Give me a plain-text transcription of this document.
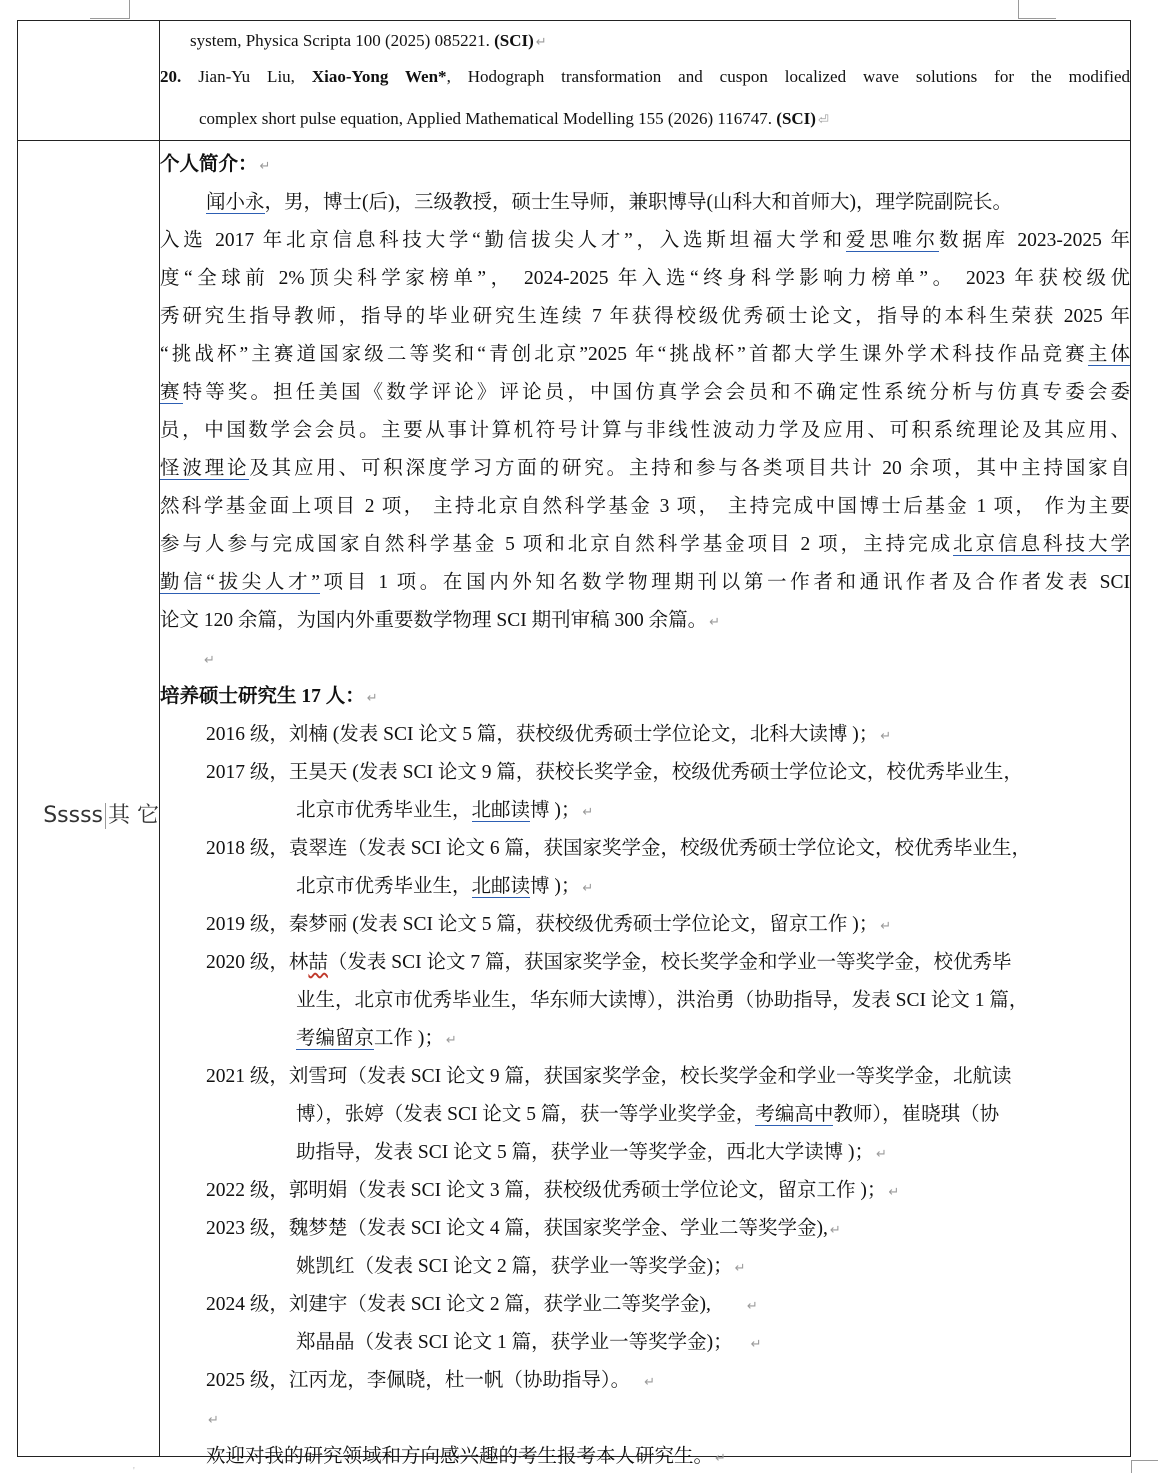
system, Physica Scripta 100 (2025) 085221. (SCI) ↵
20. Jian-Yu Liu, Xiao-Yong Wen*, Hodograph transformation and cuspon localized wave solutions for the modified
complex short pulse equation, Applied Mathematical Modelling 155 (2026) 116747. (SCI) ⏎
Sssss 其 它
个人简介： ↵
闻小永，男，博士(后)，三级教授，硕士生导师，兼职博导(山科大和首师大)，理学院副院长。
入选 2017 年北京信息科技大学“勤信拔尖人才”，入选斯坦福大学和爱思唯尔数据库 2023-2025 年
度“全球前 2%顶尖科学家榜单”， 2024-2025 年入选“终身科学影响力榜单”。 2023 年获校级优
秀研究生指导教师，指导的毕业研究生连续 7 年获得校级优秀硕士论文，指导的本科生荣获 2025 年
“挑战杯”主赛道国家级二等奖和“青创北京”2025 年“挑战杯”首都大学生课外学术科技作品竞赛主体
赛特等奖。担任美国《数学评论》评论员，中国仿真学会会员和不确定性系统分析与仿真专委会委
员，中国数学会会员。主要从事计算机符号计算与非线性波动力学及应用、可积系统理论及其应用、
怪波理论及其应用、可积深度学习方面的研究。主持和参与各类项目共计 20 余项，其中主持国家自
然科学基金面上项目 2 项， 主持北京自然科学基金 3 项， 主持完成中国博士后基金 1 项， 作为主要
参与人参与完成国家自然科学基金 5 项和北京自然科学基金项目 2 项，主持完成北京信息科技大学
勤信“拔尖人才”项目 1 项。在国内外知名数学物理期刊以第一作者和通讯作者及合作者发表 SCI
论文 120 余篇，为国内外重要数学物理 SCI 期刊审稿 300 余篇。 ↵
↵
培养硕士研究生 17 人： ↵
2016 级，刘楠 (发表 SCI 论文 5 篇，获校级优秀硕士学位论文，北科大读博 )； ↵
2017 级，王昊天 (发表 SCI 论文 9 篇，获校长奖学金，校级优秀硕士学位论文，校优秀毕业生，
北京市优秀毕业生，北邮读博 )； ↵
2018 级，袁翠连（发表 SCI 论文 6 篇，获国家奖学金，校级优秀硕士学位论文，校优秀毕业生，
北京市优秀毕业生，北邮读博 )； ↵
2019 级，秦梦丽 (发表 SCI 论文 5 篇，获校级优秀硕士学位论文，留京工作 )； ↵
2020 级，林喆（发表 SCI 论文 7 篇，获国家奖学金，校长奖学金和学业一等奖学金，校优秀毕
业生，北京市优秀毕业生，华东师大读博），洪治勇（协助指导，发表 SCI 论文 1 篇，
考编留京工作 )； ↵
2021 级，刘雪珂（发表 SCI 论文 9 篇，获国家奖学金，校长奖学金和学业一等奖学金，北航读
博），张婷（发表 SCI 论文 5 篇，获一等学业奖学金，考编高中教师），崔晓琪（协
助指导，发表 SCI 论文 5 篇，获学业一等奖学金，西北大学读博 )； ↵
2022 级，郭明娟（发表 SCI 论文 3 篇，获校级优秀硕士学位论文，留京工作 )； ↵
2023 级，魏梦楚（发表 SCI 论文 4 篇，获国家奖学金、学业二等奖学金), ↵
姚凯红（发表 SCI 论文 2 篇，获学业一等奖学金)； ↵
2024 级，刘建宇（发表 SCI 论文 2 篇，获学业二等奖学金),	↵
郑晶晶（发表 SCI 论文 1 篇，获学业一等奖学金)； ↵
2025 级，江丙龙，李佩晓，杜一帆（协助指导）。 ↵
↵
欢迎对我的研究领域和方向感兴趣的考生报考本人研究生。 ↵
'
